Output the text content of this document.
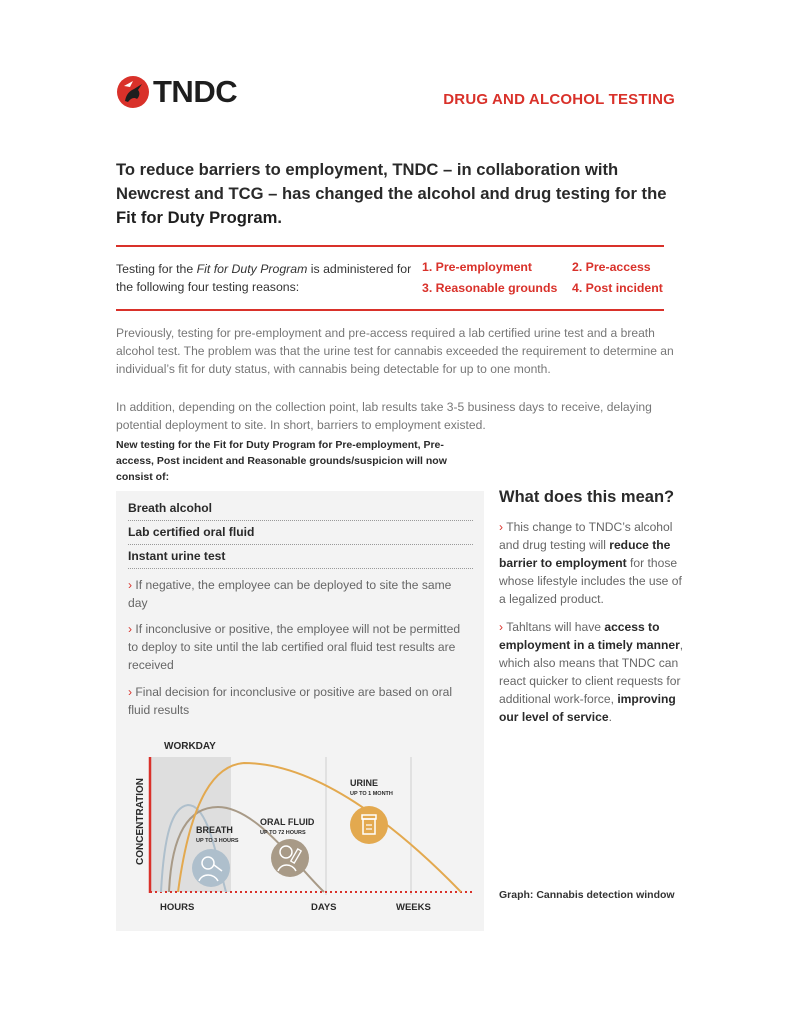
TNDC	DRUG AND ALCOHOL TESTING
To reduce barriers to employment, TNDC – in collaboration with Newcrest and TCG – has changed the alcohol and drug testing for the Fit for Duty Program.
Testing for the Fit for Duty Program is administered for the following four testing reasons:
1. Pre-employment	2. Pre-access
3. Reasonable grounds 4. Post incident
Previously, testing for pre-employment and pre-access required a lab certified urine test and a breath alcohol test. The problem was that the urine test for cannabis exceeded the requirement to determine an individual’s fit for duty status, with cannabis being detectable for up to one month.
In addition, depending on the collection point, lab results take 3-5 business days to receive, delaying potential deployment to site. In short, barriers to employment existed.
New testing for the Fit for Duty Program for Pre-employment, Pre-access, Post incident and Reasonable grounds/suspicion will now consist of:
Breath alcohol
Lab certified oral fluid
Instant urine test
› If negative, the employee can be deployed to site the same day
› If inconclusive or positive, the employee will not be permitted to deploy to site until the lab certified oral fluid test results are received
› Final decision for inconclusive or positive are based on oral fluid results
WORKDAY
CONCENTRATION	BREATH
UP TO 3 HOURS
ORAL FLUID
UP TO 72 HOURS
URINE
UP TO 1 MONTH
HOURS	DAYS	WEEKS
What does this mean?
› This change to TNDC’s alcohol and drug testing will reduce the barrier to employment for those whose lifestyle includes the use of a legalized product.
› Tahltans will have access to employment in a timely manner, which also means that TNDC can react quicker to client requests for additional work-force, improving our level of service.
Graph: Cannabis detection window
